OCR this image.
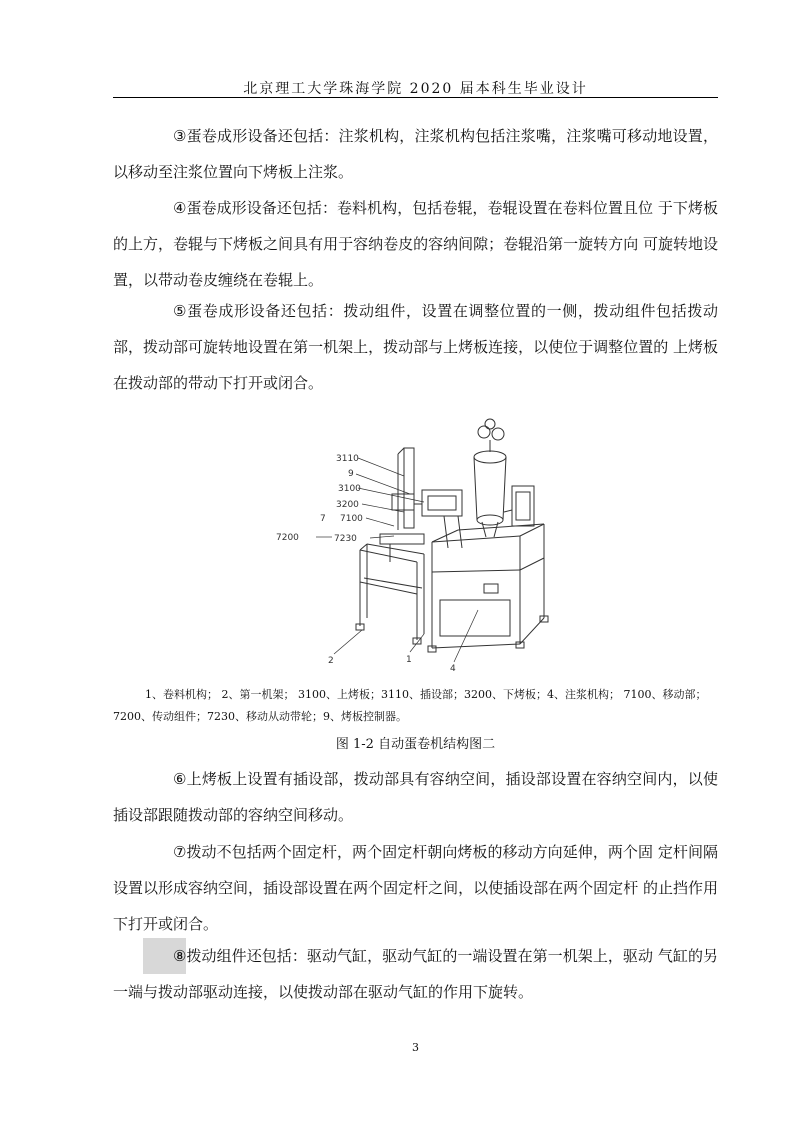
北京理工大学珠海学院 2020 届本科生毕业设计

③蛋卷成形设备还包括：注浆机构，注浆机构包括注浆嘴，注浆嘴可移动地设置，以移动至注浆位置向下烤板上注浆。

④蛋卷成形设备还包括：卷料机构，包括卷辊，卷辊设置在卷料位置且位 于下烤板的上方，卷辊与下烤板之间具有用于容纳卷皮的容纳间隙；卷辊沿第一旋转方向 可旋转地设置，以带动卷皮缠绕在卷辊上。

⑤蛋卷成形设备还包括：拨动组件，设置在调整位置的一侧，拨动组件包括拨动部，拨动部可旋转地设置在第一机架上，拨动部与上烤板连接，以使位于调整位置的 上烤板在拨动部的带动下打开或闭合。

3110
9
3100
3200
7 7100
7200	7230
2	1
4

1、卷料机构； 2、第一机架； 3100、上烤板；3110、插设部；3200、下烤板；4、注浆机构； 7100、移动部；7200、传动组件；7230、移动从动带轮；9、烤板控制器。

图 1-2 自动蛋卷机结构图二

⑥上烤板上设置有插设部，拨动部具有容纳空间，插设部设置在容纳空间内，以使插设部跟随拨动部的容纳空间移动。

⑦拨动不包括两个固定杆，两个固定杆朝向烤板的移动方向延伸，两个固 定杆间隔设置以形成容纳空间，插设部设置在两个固定杆之间，以使插设部在两个固定杆 的止挡作用下打开或闭合。

⑧拨动组件还包括：驱动气缸，驱动气缸的一端设置在第一机架上，驱动 气缸的另一端与拨动部驱动连接，以使拨动部在驱动气缸的作用下旋转。

3
